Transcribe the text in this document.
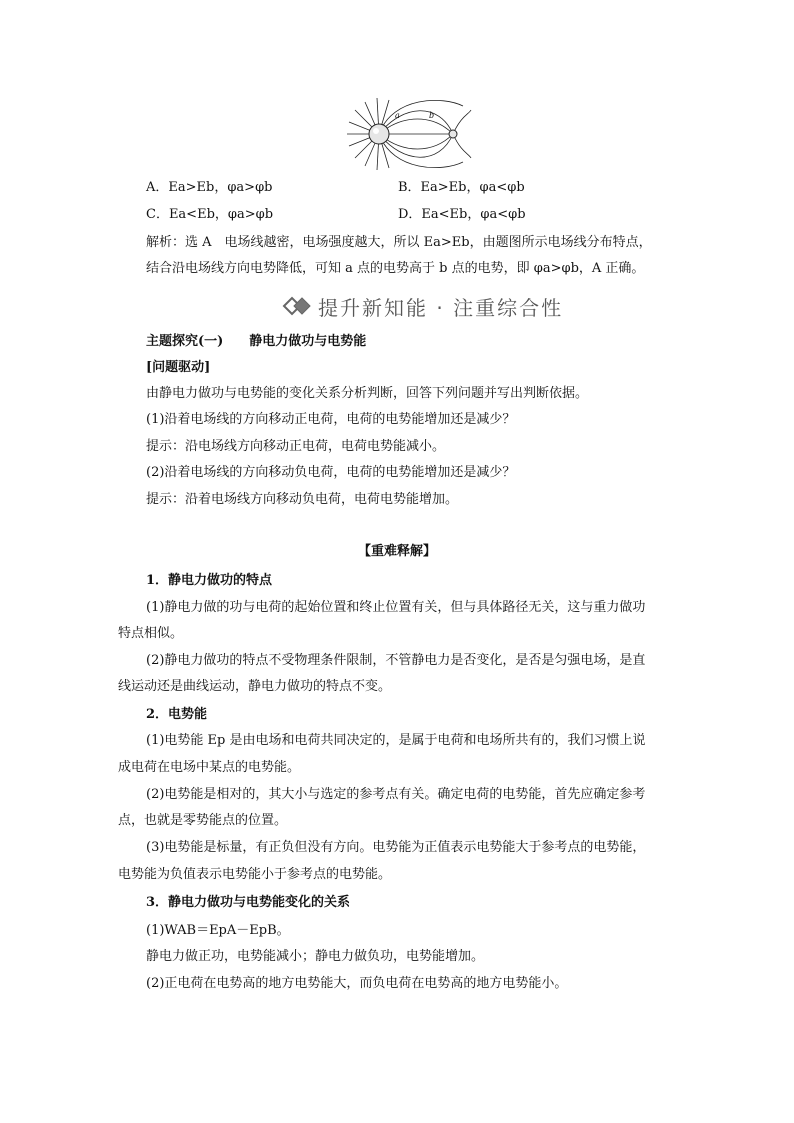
a	b
A．Ea>Eb，φa>φb	B．Ea>Eb，φa<φb
C．Ea<Eb，φa>φb	D．Ea<Eb，φa<φb
解析：选 A　电场线越密，电场强度越大，所以 Ea>Eb，由题图所示电场线分布特点，
结合沿电场线方向电势降低，可知 a 点的电势高于 b 点的电势，即 φa>φb，A 正确。
提升新知能 · 注重综合性
主题探究(一)　　静电力做功与电势能
[问题驱动]
由静电力做功与电势能的变化关系分析判断，回答下列问题并写出判断依据。
(1)沿着电场线的方向移动正电荷，电荷的电势能增加还是减少？
提示：沿电场线方向移动正电荷，电荷电势能减小。
(2)沿着电场线的方向移动负电荷，电荷的电势能增加还是减少？
提示：沿着电场线方向移动负电荷，电荷电势能增加。
【重难释解】
1．静电力做功的特点
(1)静电力做的功与电荷的起始位置和终止位置有关，但与具体路径无关，这与重力做功
特点相似。
(2)静电力做功的特点不受物理条件限制，不管静电力是否变化，是否是匀强电场，是直
线运动还是曲线运动，静电力做功的特点不变。
2．电势能
(1)电势能 Ep 是由电场和电荷共同决定的，是属于电荷和电场所共有的，我们习惯上说
成电荷在电场中某点的电势能。
(2)电势能是相对的，其大小与选定的参考点有关。确定电荷的电势能，首先应确定参考
点，也就是零势能点的位置。
(3)电势能是标量，有正负但没有方向。电势能为正值表示电势能大于参考点的电势能，
电势能为负值表示电势能小于参考点的电势能。
3．静电力做功与电势能变化的关系
(1)WAB＝EpA－EpB。
静电力做正功，电势能减小；静电力做负功，电势能增加。
(2)正电荷在电势高的地方电势能大，而负电荷在电势高的地方电势能小。
